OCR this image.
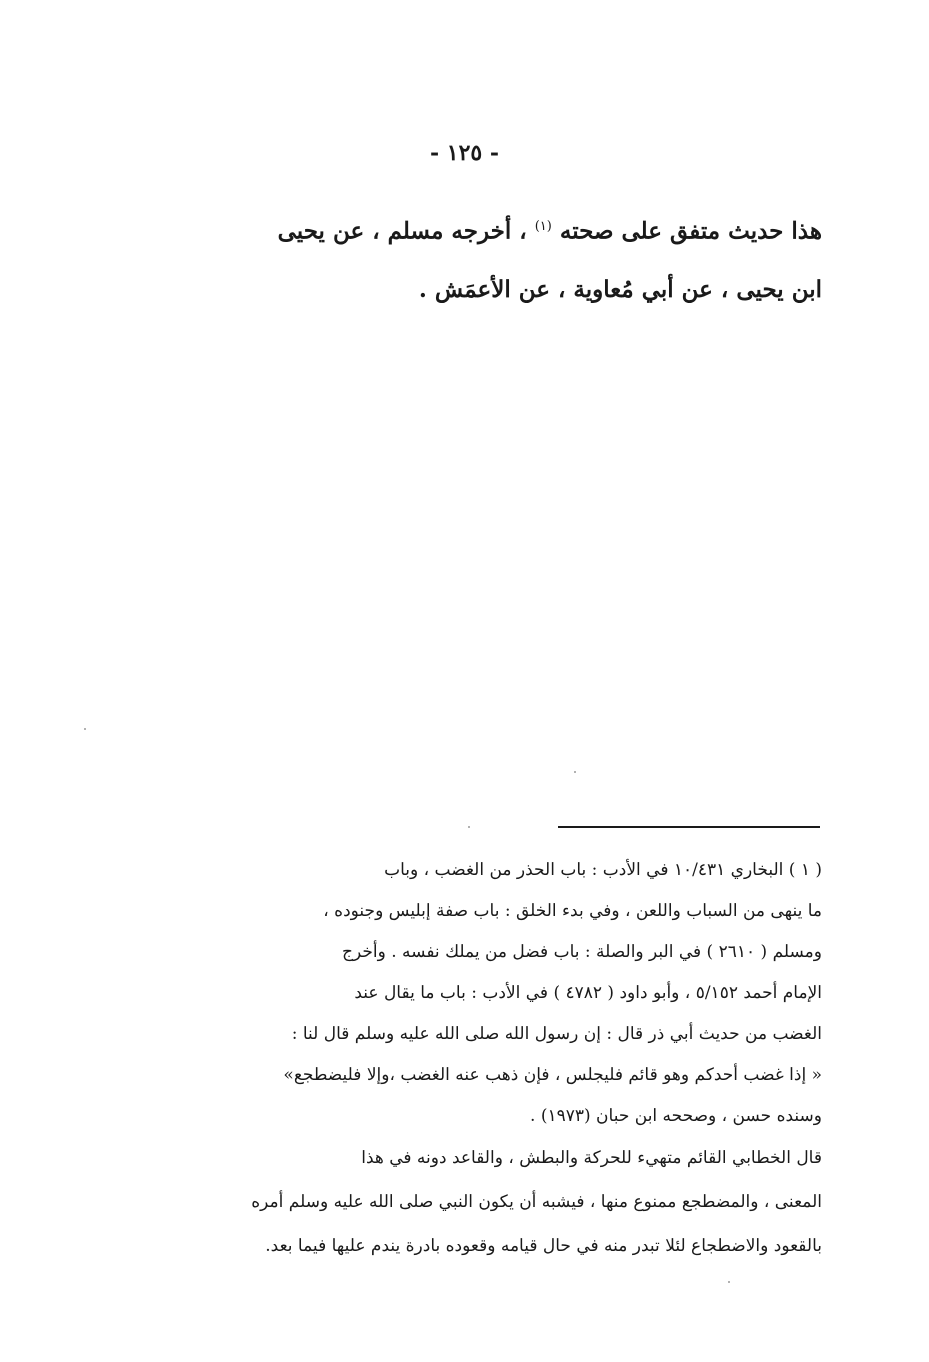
- ١٢٥ -

هذا حديث متفق على صحته $^{(١)}$ ، أخرجه مسلم ، عن يحيى

ابن يحيى ، عن أبي مُعاوية ، عن الأعمَش .

( ١ ) البخاري ١٠/٤٣١ في الأدب : باب الحذر من الغضب ، وباب

ما ينهى من السباب واللعن ، وفي بدء الخلق : باب صفة إبليس وجنوده ،

ومسلم ( ٢٦١٠ ) في البر والصلة : باب فضل من يملك نفسه . وأخرج

الإمام أحمد ٥/١٥٢ ، وأبو داود ( ٤٧٨٢ ) في الأدب : باب ما يقال عند

الغضب من حديث أبي ذر قال : إن رسول الله صلى الله عليه وسلم قال لنا :

« إذا غضب أحدكم وهو قائم فليجلس ، فإن ذهب عنه الغضب ،وإلا فليضطجع»

وسنده حسن ، وصححه ابن حبان (١٩٧٣) .

قال الخطابي القائم متهيء للحركة والبطش ، والقاعد دونه في هذا

المعنى ، والمضطجع ممنوع منها ، فيشبه أن يكون النبي صلى الله عليه وسلم أمره

بالقعود والاضطجاع لئلا تبدر منه في حال قيامه وقعوده بادرة يندم عليها فيما بعد.
